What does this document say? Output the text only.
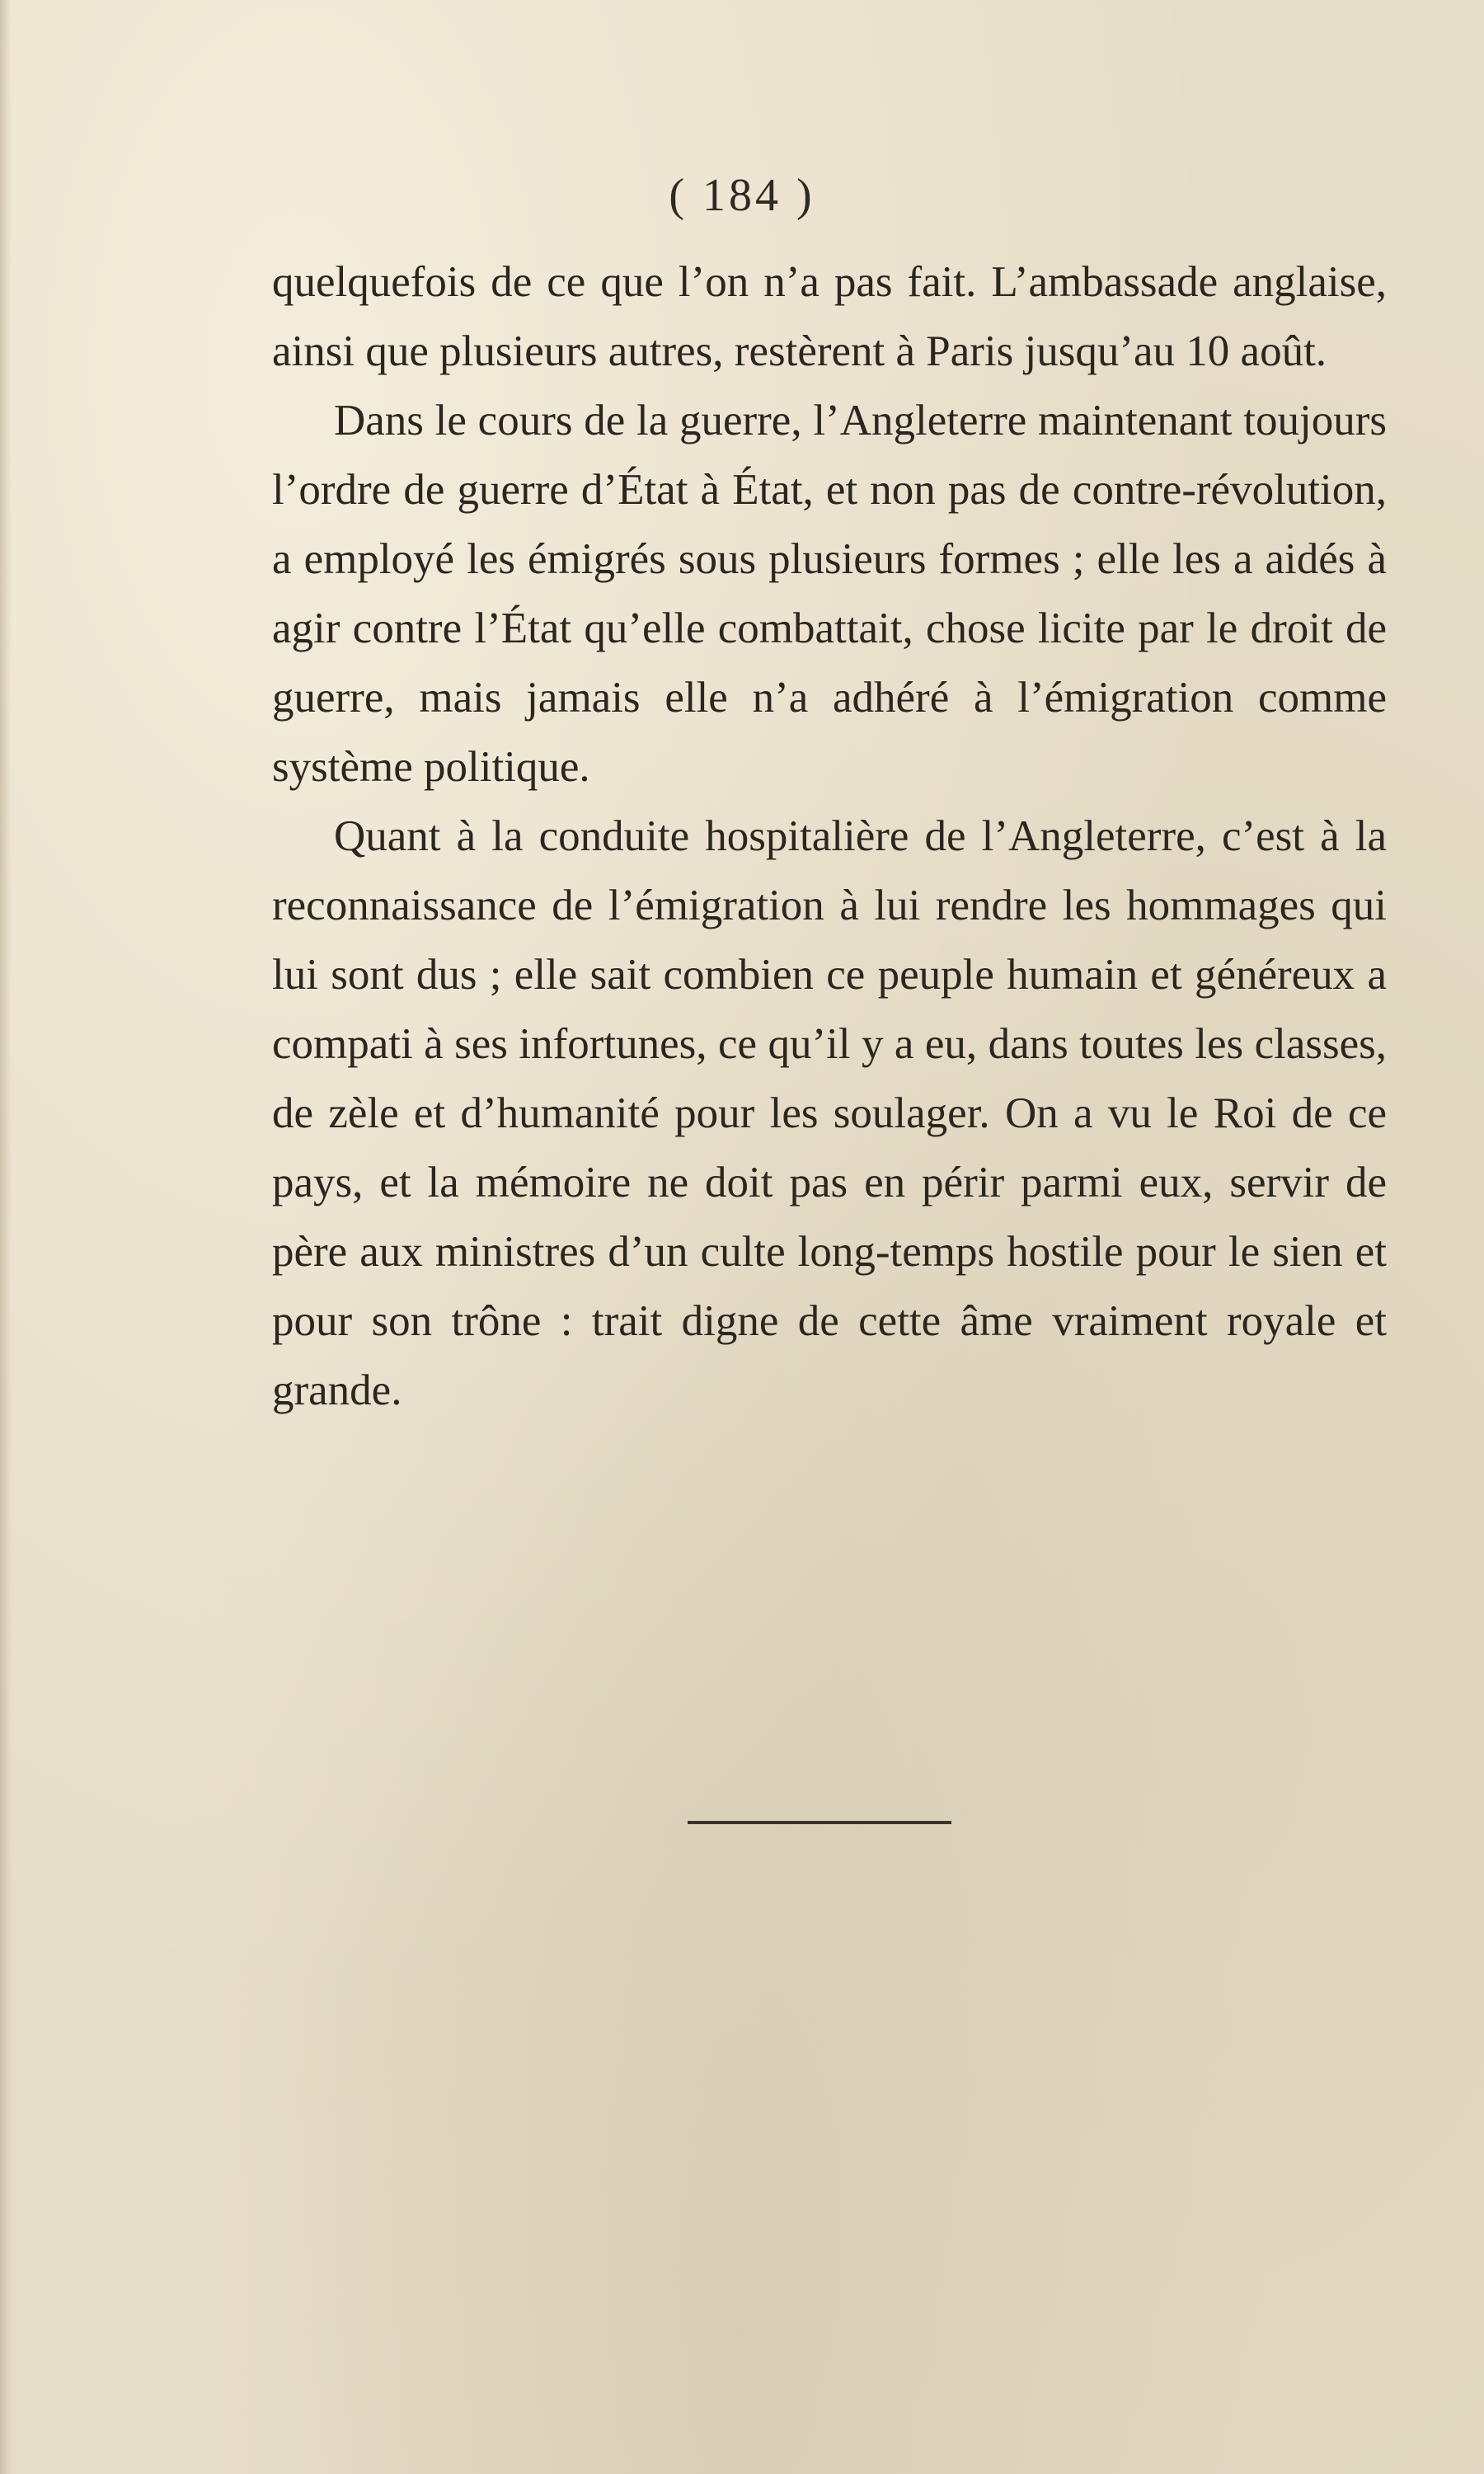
( 184 )

quelquefois de ce que l’on n’a pas fait. L’ambassade anglaise, ainsi que plusieurs autres, restèrent à Paris jusqu’au 10 août.

Dans le cours de la guerre, l’Angleterre maintenant toujours l’ordre de guerre d’État à État, et non pas de contre-révolution, a employé les émigrés sous plusieurs formes ; elle les a aidés à agir contre l’État qu’elle combattait, chose licite par le droit de guerre, mais jamais elle n’a adhéré à l’émigration comme système politique.

Quant à la conduite hospitalière de l’Angleterre, c’est à la reconnaissance de l’émigration à lui rendre les hommages qui lui sont dus ; elle sait combien ce peuple humain et généreux a compati à ses infortunes, ce qu’il y a eu, dans toutes les classes, de zèle et d’humanité pour les soulager. On a vu le Roi de ce pays, et la mémoire ne doit pas en périr parmi eux, servir de père aux ministres d’un culte long-temps hostile pour le sien et pour son trône : trait digne de cette âme vraiment royale et grande.
